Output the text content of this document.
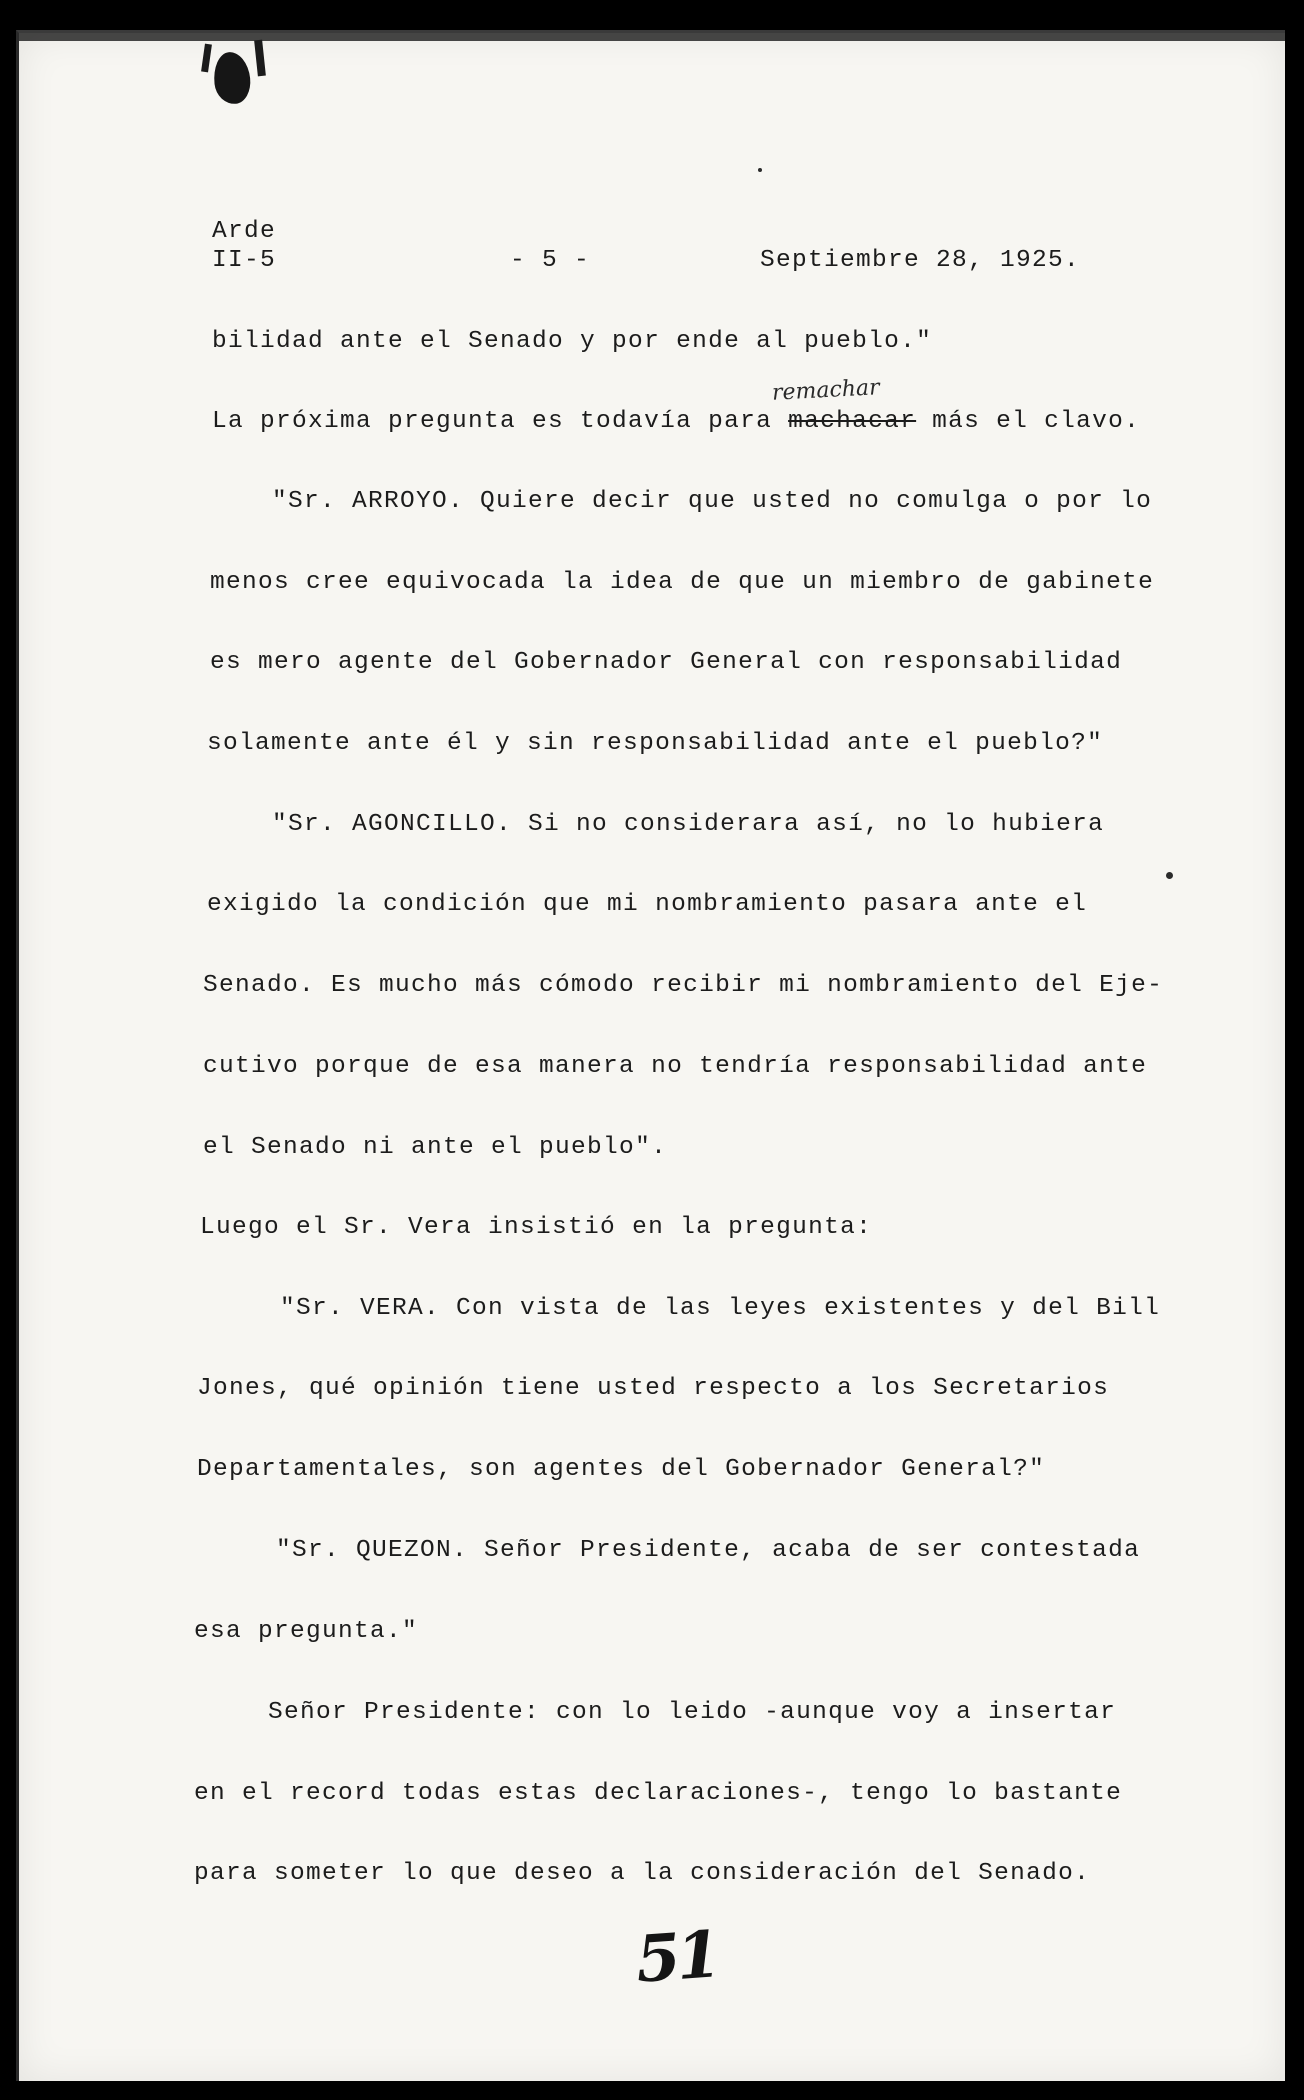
Arde
II-5	- 5 -	Septiembre 28, 1925.
bilidad ante el Senado y por ende al pueblo."
remachar
La próxima pregunta es todavía para machacar más el clavo.
"Sr. ARROYO. Quiere decir que usted no comulga o por lo
menos cree equivocada la idea de que un miembro de gabinete
es mero agente del Gobernador General con responsabilidad
solamente ante él y sin responsabilidad ante el pueblo?"
"Sr. AGONCILLO. Si no considerara así, no lo hubiera
exigido la condición que mi nombramiento pasara ante el
Senado. Es mucho más cómodo recibir mi nombramiento del Eje-
cutivo porque de esa manera no tendría responsabilidad ante
el Senado ni ante el pueblo".
Luego el Sr. Vera insistió en la pregunta:
"Sr. VERA. Con vista de las leyes existentes y del Bill
Jones, qué opinión tiene usted respecto a los Secretarios
Departamentales, son agentes del Gobernador General?"
"Sr. QUEZON. Señor Presidente, acaba de ser contestada
esa pregunta."
Señor Presidente: con lo leido -aunque voy a insertar
en el record todas estas declaraciones-, tengo lo bastante
para someter lo que deseo a la consideración del Senado.
51
